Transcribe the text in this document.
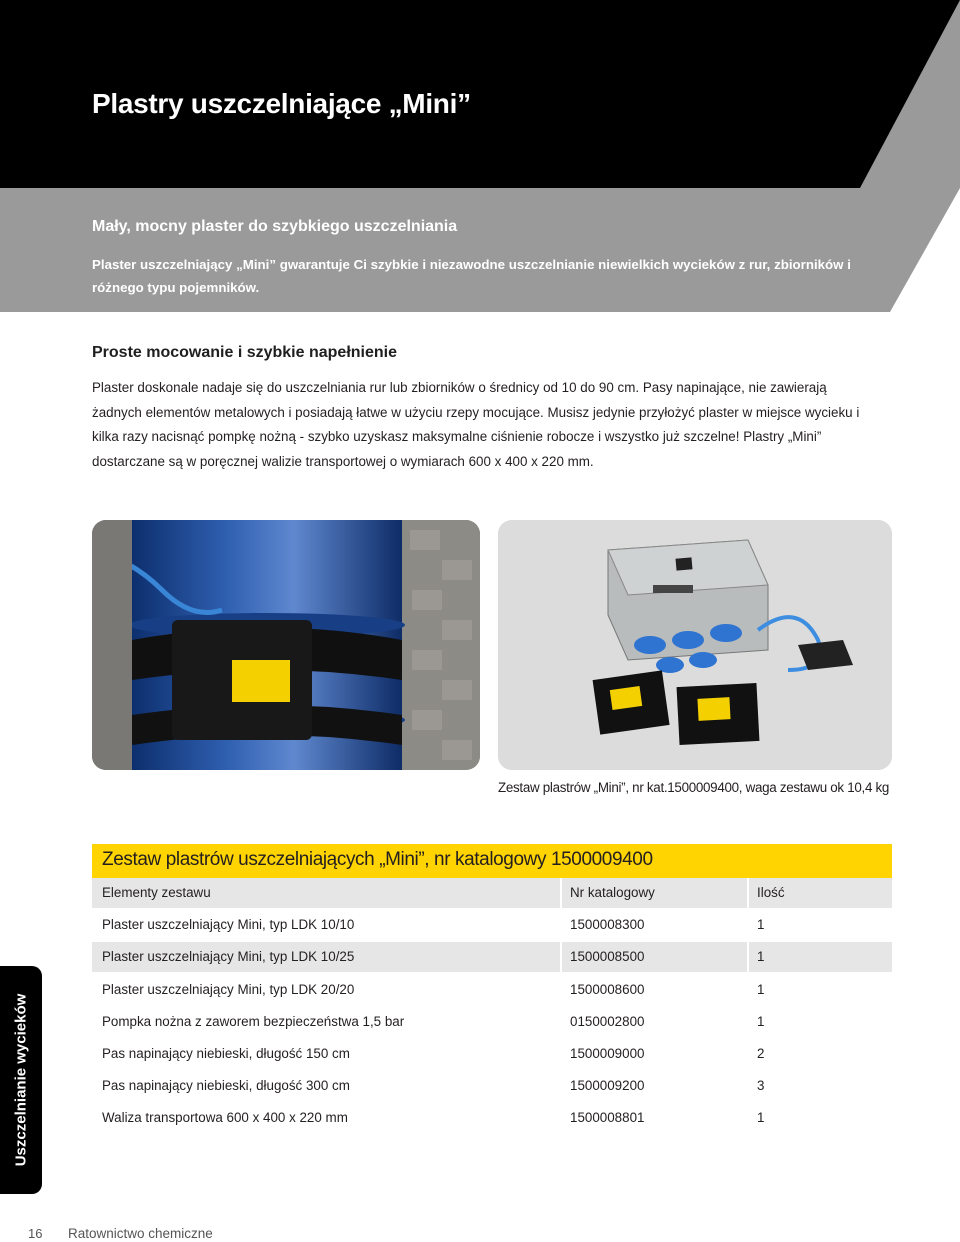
Plastry uszczelniające „Mini”
Mały, mocny plaster do szybkiego uszczelniania
Plaster uszczelniający „Mini” gwarantuje Ci szybkie i niezawodne uszczelnianie niewielkich wycieków z rur, zbiorników i różnego typu pojemników.
Proste mocowanie i szybkie napełnienie
Plaster doskonale nadaje się do uszczelniania rur lub zbiorników o średnicy od 10 do 90 cm. Pasy napinające, nie zawierają żadnych elementów metalowych i posiadają łatwe w użyciu rzepy mocujące. Musisz jedynie przyłożyć plaster w miejsce wycieku i kilka razy nacisnąć pompkę nożną - szybko uzyskasz maksymalne ciśnienie robocze i wszystko już szczelne! Plastry „Mini” dostarczane są w poręcznej walizie transportowej o wymiarach 600 x 400 x 220 mm.
Zestaw plastrów „Mini”, nr kat.1500009400, waga zestawu ok 10,4 kg
Zestaw plastrów uszczelniających „Mini”, nr katalogowy 1500009400
Elementy zestawu	Nr katalogowy	Ilość
Plaster uszczelniający Mini, typ LDK 10/10	1500008300	1
Plaster uszczelniający Mini, typ LDK 10/25	1500008500	1
Plaster uszczelniający Mini, typ LDK 20/20	1500008600	1
Pompka nożna z zaworem bezpieczeństwa 1,5 bar	0150002800	1
Pas napinający niebieski, długość 150 cm	1500009000	2
Pas napinający niebieski, długość 300 cm	1500009200	3
Waliza transportowa 600 x 400 x 220 mm	1500008801	1
Uszczelnianie wycieków
16 Ratownictwo chemiczne
